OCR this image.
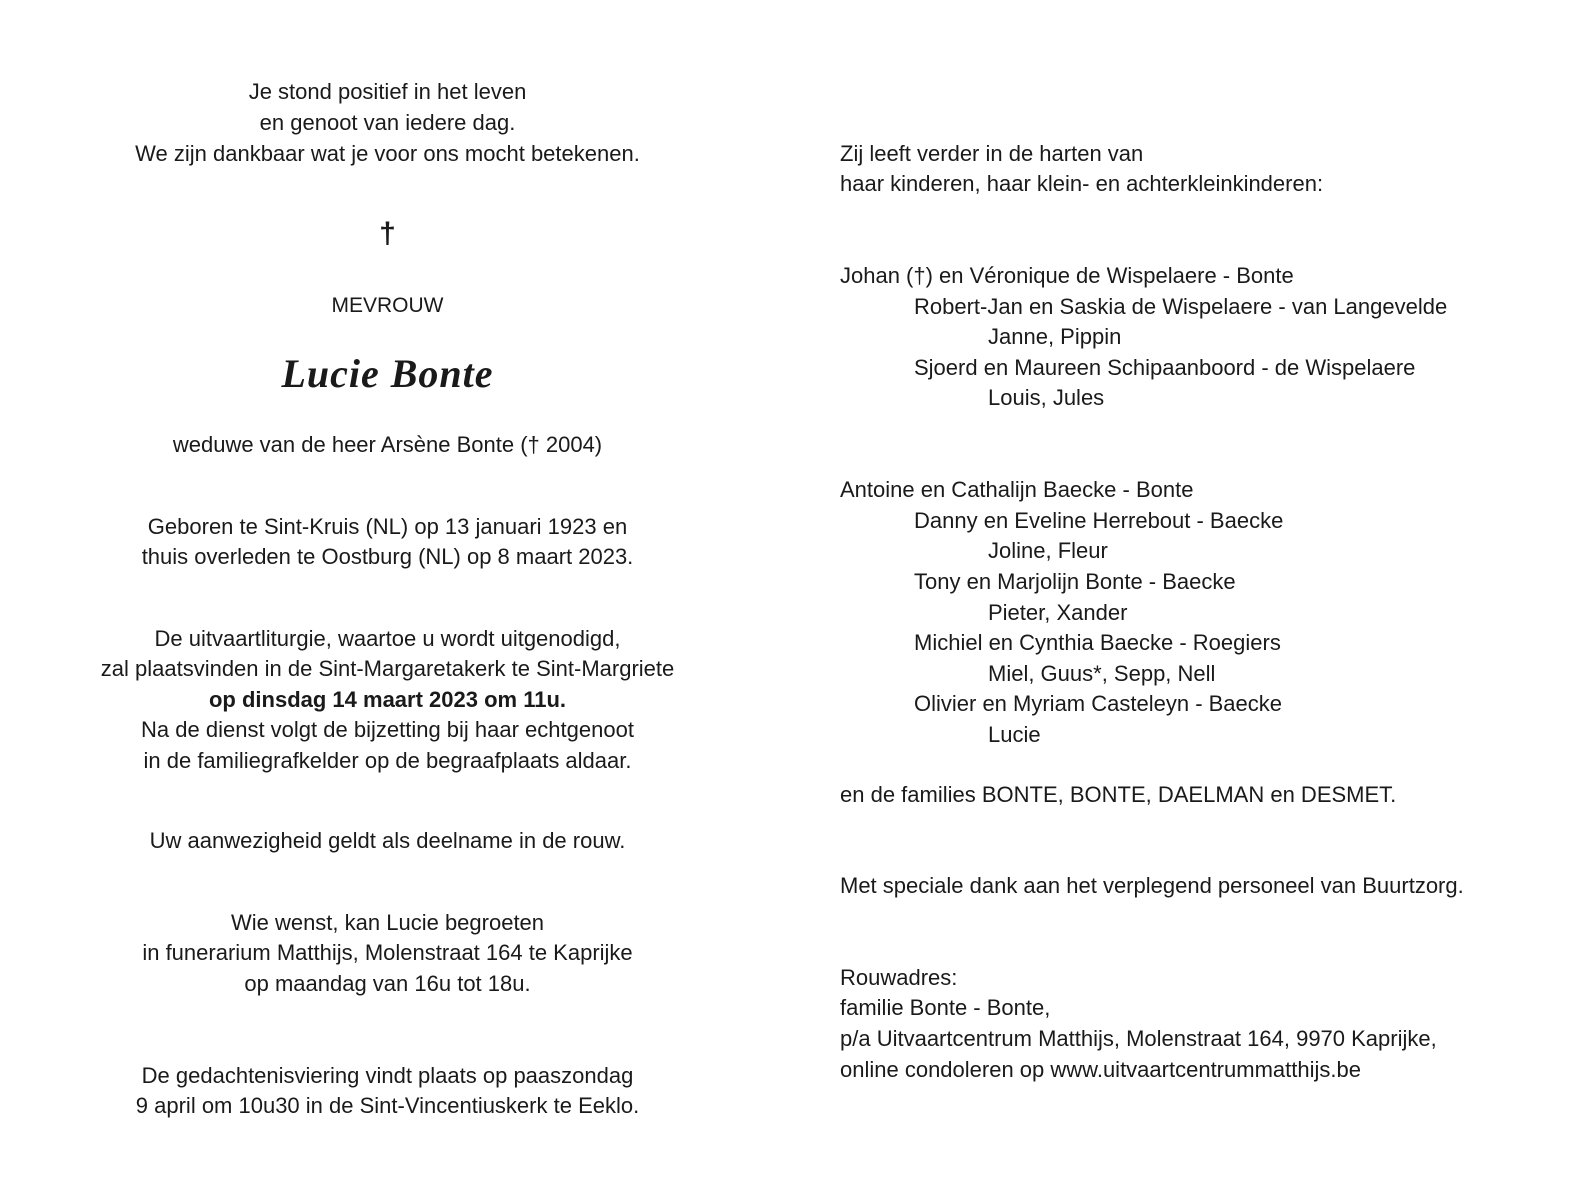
Je stond positief in het leven
en genoot van iedere dag.
We zijn dankbaar wat je voor ons mocht betekenen.
†
MEVROUW
Lucie Bonte
weduwe van de heer Arsène Bonte († 2004)
Geboren te Sint-Kruis (NL) op 13 januari 1923 en
thuis overleden te Oostburg (NL) op 8 maart 2023.
De uitvaartliturgie, waartoe u wordt uitgenodigd,
zal plaatsvinden in de Sint-Margaretakerk te Sint-Margriete
op dinsdag 14 maart 2023 om 11u.
Na de dienst volgt de bijzetting bij haar echtgenoot
in de familiegrafkelder op de begraafplaats aldaar.
Uw aanwezigheid geldt als deelname in de rouw.
Wie wenst, kan Lucie begroeten
in funerarium Matthijs, Molenstraat 164 te Kaprijke
op maandag van 16u tot 18u.
De gedachtenisviering vindt plaats op paaszondag
9 april om 10u30 in de Sint-Vincentiuskerk te Eeklo.
Zij leeft verder in de harten van
haar kinderen, haar klein- en achterkleinkinderen:
Johan (†) en Véronique de Wispelaere - Bonte
Robert-Jan en Saskia de Wispelaere - van Langevelde
Janne, Pippin
Sjoerd en Maureen Schipaanboord - de Wispelaere
Louis, Jules
Antoine en Cathalijn Baecke - Bonte
Danny en Eveline Herrebout - Baecke
Joline, Fleur
Tony en Marjolijn Bonte - Baecke
Pieter, Xander
Michiel en Cynthia Baecke - Roegiers
Miel, Guus*, Sepp, Nell
Olivier en Myriam Casteleyn - Baecke
Lucie
en de families BONTE, BONTE, DAELMAN en DESMET.
Met speciale dank aan het verplegend personeel van Buurtzorg.
Rouwadres:
familie Bonte - Bonte,
p/a Uitvaartcentrum Matthijs, Molenstraat 164, 9970 Kaprijke,
online condoleren op www.uitvaartcentrummatthijs.be
